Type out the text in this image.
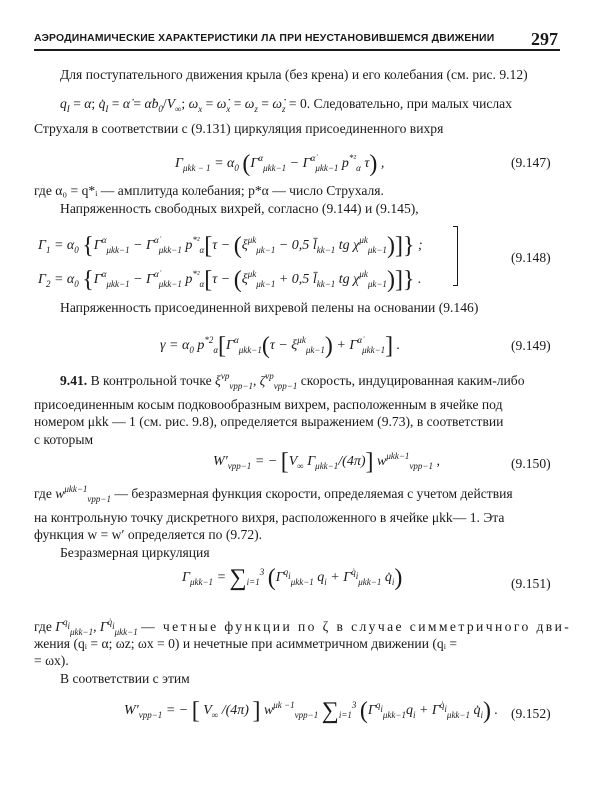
АЭРОДИНАМИЧЕСКИЕ ХАРАКТЕРИСТИКИ ЛА ПРИ НЕУСТАНОВИВШЕМСЯ ДВИЖЕНИИ 297
Для поступательного движения крыла (без крена) и его колебания (см. рис. 9.12)
$q_I = \alpha$; $q̇_I$ = α̇ = $\alphȧb_0/V_\infty$; $\omega_x$ = $\omegȧ_x = \omega_z$ = $\omegȧ_z = 0$. Следовательно, при малых числах
Струхаля в соответствии с (9.131) циркуляция присоединенного вихря
$\Gamma_{\mu kk - 1} = \alpha_0$ ($\Gamma^\alpha_{\mu kk-1} - \Gamma^{\alphȧ}_{\mu kk-1}$ $p^{*^2}_\alpha$ τ) ,	(9.147)
где α₀ = q*ᵢ — амплитуда колебания; p*α — число Струхаля.
Напряженность свободных вихрей, согласно (9.144) и (9.145),
$\Gamma_1 = \alpha_0$ {$\Gamma^\alpha_{\mu kk-1} - \Gamma^{\alphȧ}_{\mu kk-1}$ $p^{*^2}_\alpha[\tau - (\xi^{\mu k}_{\mu k-1} - 0,5$ $l̄_{kk-1}$ tg $\chi^{\mu k}_{\mu k-1}$)]} ;
$\Gamma_2 = \alpha_0$ {$\Gamma^\alpha_{\mu kk-1} - \Gamma^{\alphȧ}_{\mu kk-1}$ $p^{*^2}_\alpha[\tau - (\xi^{\mu k}_{\mu k-1} + 0,5$ $l̄_{kk-1}$ tg $\chi^{\mu k}_{\mu k-1}$)]} .
(9.148)
Напряженность присоединенной вихревой пелены на основании (9.146)
$\gamma = \alpha_0$ $p^{*2}_\alpha[\Gamma^\alpha_{\mu kk-1}(\tau - \xi^{\mu k}_{\mu k-1}) + \Gamma^{\alphȧ}_{\mu kk-1}]$ .	(9.149)
9.41. В контрольной точке $\xi^{\nu p}_{\nu pp-1}$, $\zeta^{\nu p}_{\nu pp-1}$ скорость, индуцированная каким-либо
присоединенным косым подковообразным вихрем, расположенным в ячейке под
номером μkk — 1 (см. рис. 9.8), определяется выражением (9.73), в соответствии
с которым
$W'_{\nu pp-1}$ = − [$V_\infty$ $\Gamma_{\mu kk-1}/(4\pi)$] $w^{\mu kk-1}_{\nu pp-1}$ ,	(9.150)
где $w^{\mu kk-1}_{\nu pp-1}$ — безразмерная функция скорости, определяемая с учетом действия
на контрольную точку дискретного вихря, расположенного в ячейке μkk— 1. Эта
функция w = w′ определяется по (9.72).
Безразмерная циркуляция
$\Gamma_{\mu kk-1} = \sum_{i=1}^3$ ($\Gamma^{qi}_{\mu kk-1}$ $q_i + \Gamma^{q̇i}_{\mu kk-1}$ $q̇_i$)	(9.151)
где $\Gamma^{qi}_{\mu kk-1}$, $\Gamma^{q̇i}_{\mu kk-1}$ — четные функции по ζ в случае симметричного дви-
жения (qᵢ = α; ωz; ωx = 0) и нечетные при асимметричном движении (qᵢ =
= ωx).
В соответствии с этим
$W'_{\nu pp-1}$ = − [ $V_\infty$ /(4π) ] $w^{\mu k -1}_{\nu pp-1}$ $\sum_{i=1}^3$ ($\Gamma^{qi}_{\mu kk-1}q_i + \Gamma^{q̇i}_{\mu kk-1}$ $q̇_i$) . (9.152)
